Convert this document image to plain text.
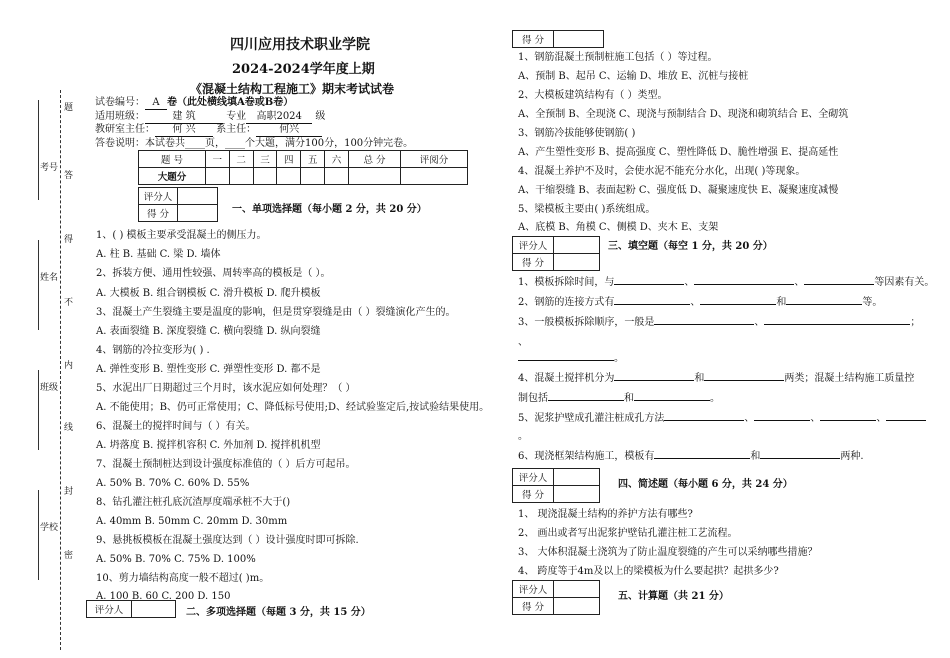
题
答
得
不
内
线
封
密
考号
姓名
班级
学校
四川应用技术职业学院
2024-2024学年度上期
《混凝土结构工程施工》期末考试试卷
试卷编号： A 卷（此处横线填A卷或B卷）
适用班级：	建 筑	专业 高职2024 级
教研室主任： 何 兴 系主任： 何兴
答卷说明：本试卷共____页，____个大题，满分100分，100分钟完卷。
题 号	一	二	三	四	五	六	总 分	评阅分
大题分								
评分人	
得 分		一、单项选择题（每小题 2 分，共 20 分）
1、( ) 模板主要承受混凝土的侧压力。
A. 柱 B. 基础 C. 梁 D. 墙体
2、拆装方便、通用性较强、周转率高的模板是（ ）。
A. 大模板 B. 组合钢模板 C. 滑升模板 D. 爬升模板
3、混凝土产生裂缝主要是温度的影响，但是贯穿裂缝是由（ ）裂缝演化产生的。
A. 表面裂缝 B. 深度裂缝 C. 横向裂缝 D. 纵向裂缝
4、钢筋的冷拉变形为( ) .
A. 弹性变形 B. 塑性变形 C. 弹塑性变形 D. 都不是
5、水泥出厂日期超过三个月时，该水泥应如何处理？（ ）
A. 不能使用；B、仍可正常使用；C、降低标号使用;D、经试验鉴定后,按试验结果使用。
6、混凝土的搅拌时间与（ ）有关。
A. 坍落度 B. 搅拌机容积 C. 外加剂 D. 搅拌机机型
7、混凝土预制桩达到设计强度标准值的（ ）后方可起吊。
A. 50% B. 70% C. 60% D. 55%
8、钻孔灌注桩孔底沉渣厚度端承桩不大于()
A. 40mm B. 50mm C. 20mm D. 30mm
9、悬挑板模板在混凝土强度达到（ ）设计强度时即可拆除.
A. 50% B. 70% C. 75% D. 100%
10、剪力墙结构高度一般不超过( )m。
A. 100 B. 60 C. 200 D. 150
评分人		二、多项选择题（每题 3 分，共 15 分）
得 分	
1、钢筋混凝土预制桩施工包括（ ）等过程。
A、预制 B、起吊 C、运输 D、堆放 E、沉桩与接桩
2、大模板建筑结构有（ ）类型。
A、全预制 B、全现浇 C、现浇与预制结合 D、现浇和砌筑结合 E、全砌筑
3、钢筋冷拔能够使钢筋( )
A、产生塑性变形 B、提高强度 C、塑性降低 D、脆性增强 E、提高延性
4、混凝土养护不及时，会使水泥不能充分水化，出现( )等现象。
A、干缩裂缝 B、表面起粉 C、强度低 D、凝聚速度快 E、凝聚速度减慢
5、梁模板主要由( )系统组成。
A、底模 B、角模 C、侧模 D、夹木 E、支架
评分人	
得 分	
三、填空题（每空 1 分，共 20 分）
1、模板拆除时间，与	、	、	等因素有关。
2、钢筋的连接方式有	、	和	等。
3、一般模板拆除顺序，一般是	、	；
、
。
4、混凝土搅拌机分为	和	两类；混凝土结构施工质量控
制包括	和	。
5、泥浆护壁成孔灌注桩成孔方法	、	、	、
。
6、现浇框架结构施工，模板有	和	两种.
评分人	
得 分	
四、简述题（每小题 6 分，共 24 分）
1、 现浇混凝土结构的养护方法有哪些?
2、 画出或者写出泥浆护壁钻孔灌注桩工艺流程。
3、 大体积混凝土浇筑为了防止温度裂缝的产生可以采纳哪些措施？
4、 跨度等于4m及以上的梁模板为什么要起拱？起拱多少?
评分人	
得 分	
五、计算题（共 21 分）
